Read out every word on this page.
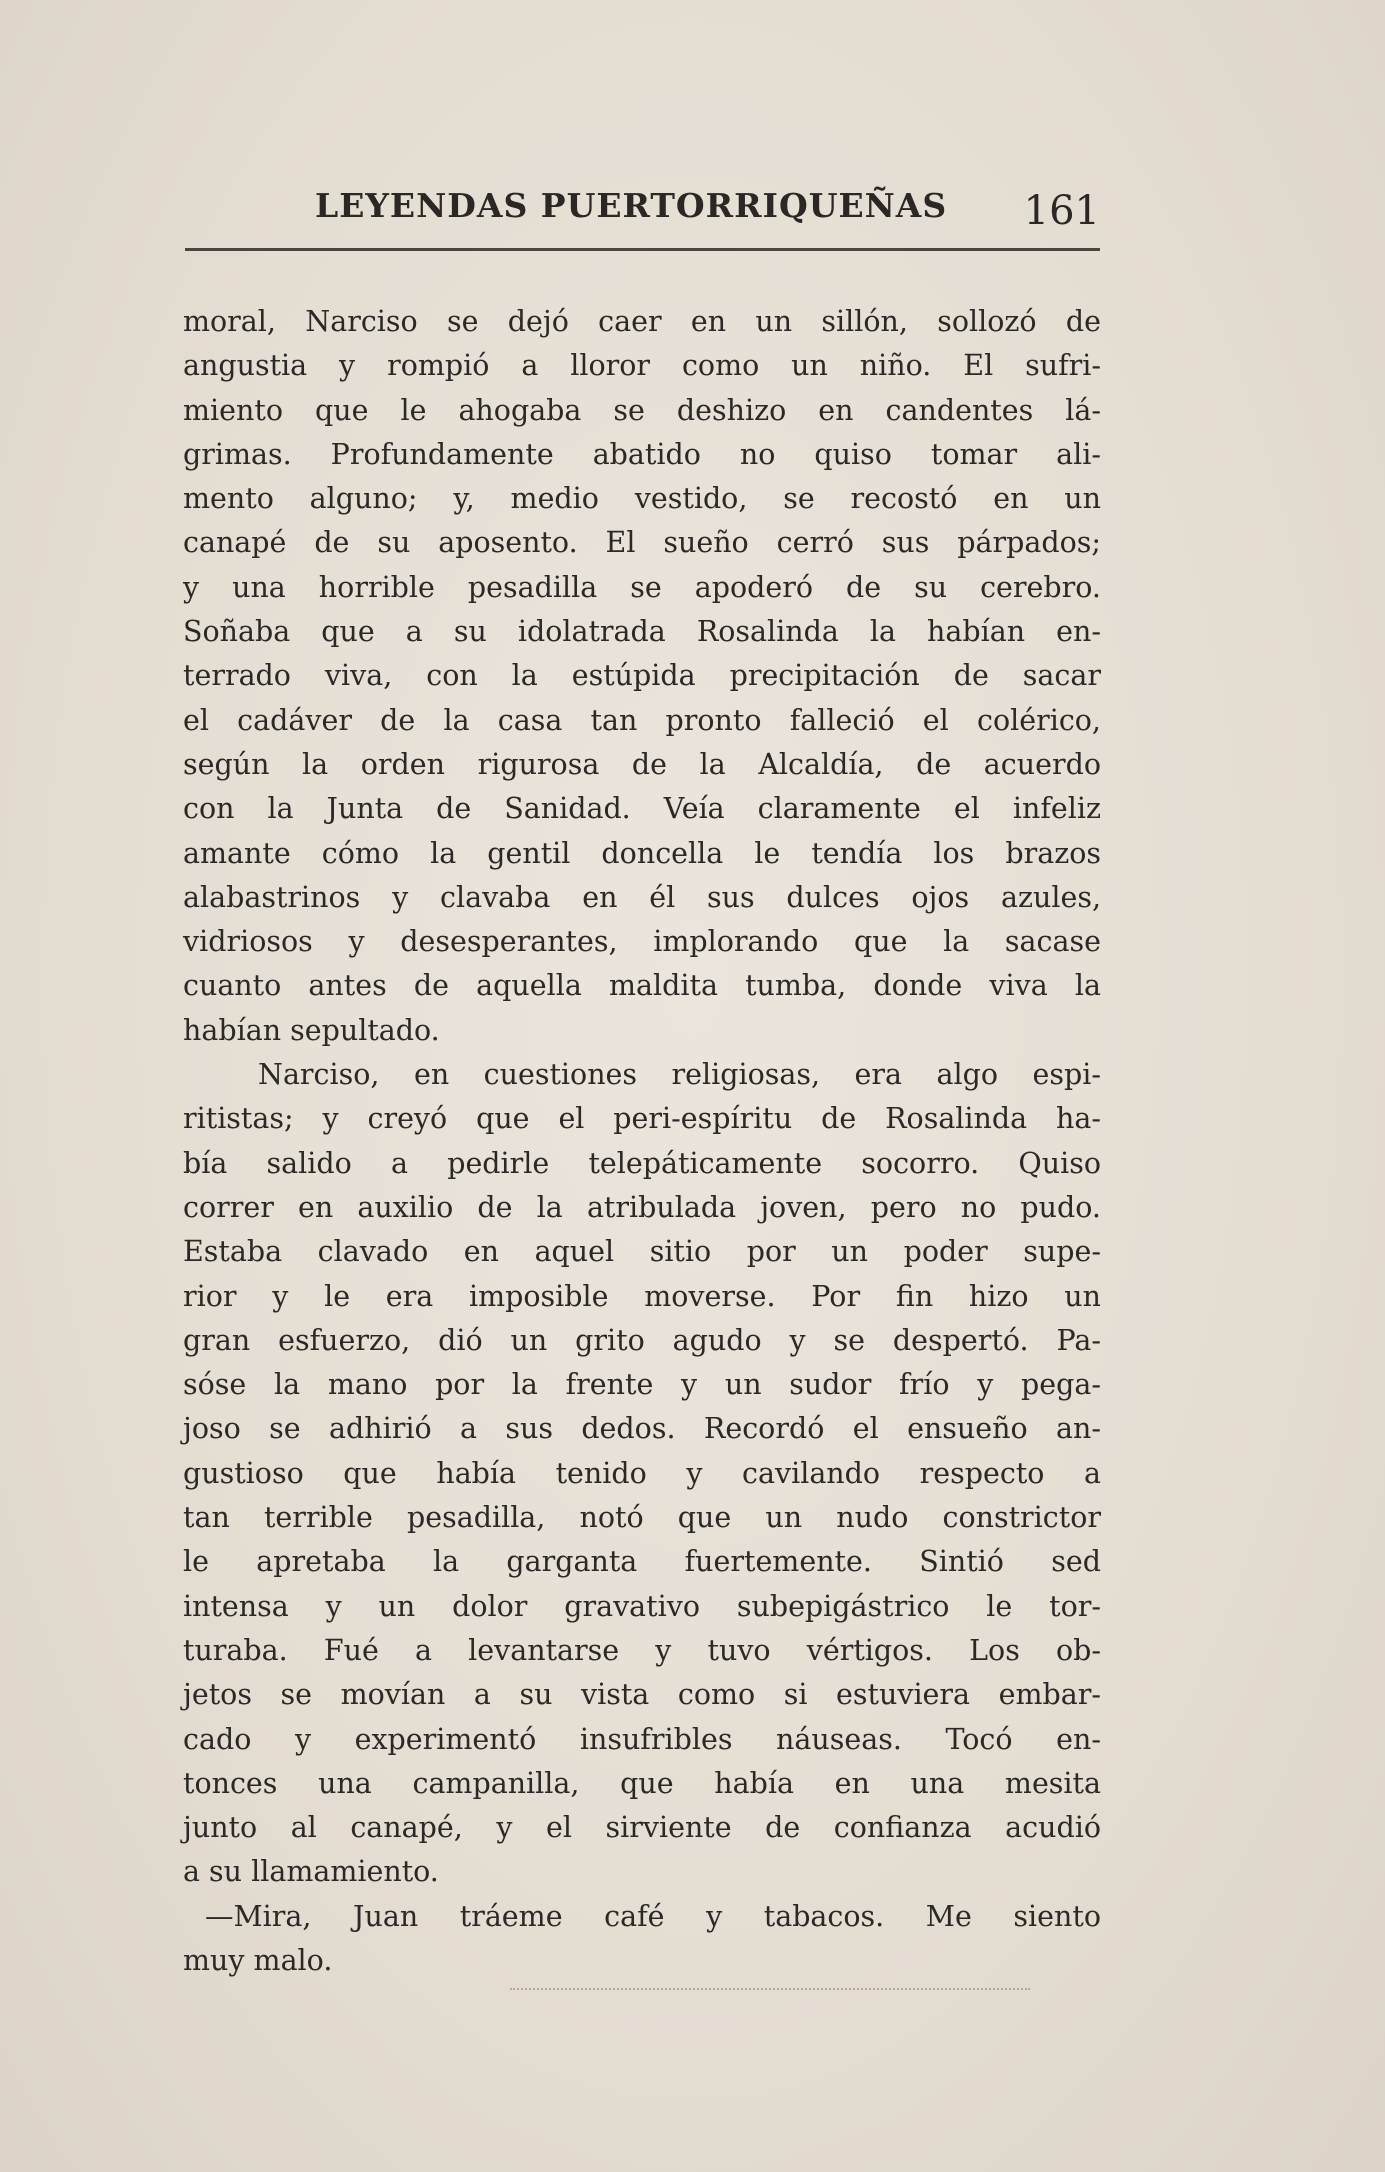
LEYENDAS PUERTORRIQUEÑAS 161
moral, Narciso se dejó caer en un sillón, sollozó de
angustia y rompió a lloror como un niño. El sufri-
miento que le ahogaba se deshizo en candentes lá-
grimas. Profundamente abatido no quiso tomar ali-
mento alguno; y, medio vestido, se recostó en un
canapé de su aposento. El sueño cerró sus párpados;
y una horrible pesadilla se apoderó de su cerebro.
Soñaba que a su idolatrada Rosalinda la habían en-
terrado viva, con la estúpida precipitación de sacar
el cadáver de la casa tan pronto falleció el colérico,
según la orden rigurosa de la Alcaldía, de acuerdo
con la Junta de Sanidad. Veía claramente el infeliz
amante cómo la gentil doncella le tendía los brazos
alabastrinos y clavaba en él sus dulces ojos azules,
vidriosos y desesperantes, implorando que la sacase
cuanto antes de aquella maldita tumba, donde viva la
habían sepultado.
Narciso, en cuestiones religiosas, era algo espi-
ritistas; y creyó que el peri-espíritu de Rosalinda ha-
bía salido a pedirle telepáticamente socorro. Quiso
correr en auxilio de la atribulada joven, pero no pudo.
Estaba clavado en aquel sitio por un poder supe-
rior y le era imposible moverse. Por fin hizo un
gran esfuerzo, dió un grito agudo y se despertó. Pa-
sóse la mano por la frente y un sudor frío y pega-
joso se adhirió a sus dedos. Recordó el ensueño an-
gustioso que había tenido y cavilando respecto a
tan terrible pesadilla, notó que un nudo constrictor
le apretaba la garganta fuertemente. Sintió sed
intensa y un dolor gravativo subepigástrico le tor-
turaba. Fué a levantarse y tuvo vértigos. Los ob-
jetos se movían a su vista como si estuviera embar-
cado y experimentó insufribles náuseas. Tocó en-
tonces una campanilla, que había en una mesita
junto al canapé, y el sirviente de confianza acudió
a su llamamiento.
—Mira, Juan tráeme café y tabacos. Me siento
muy malo.
